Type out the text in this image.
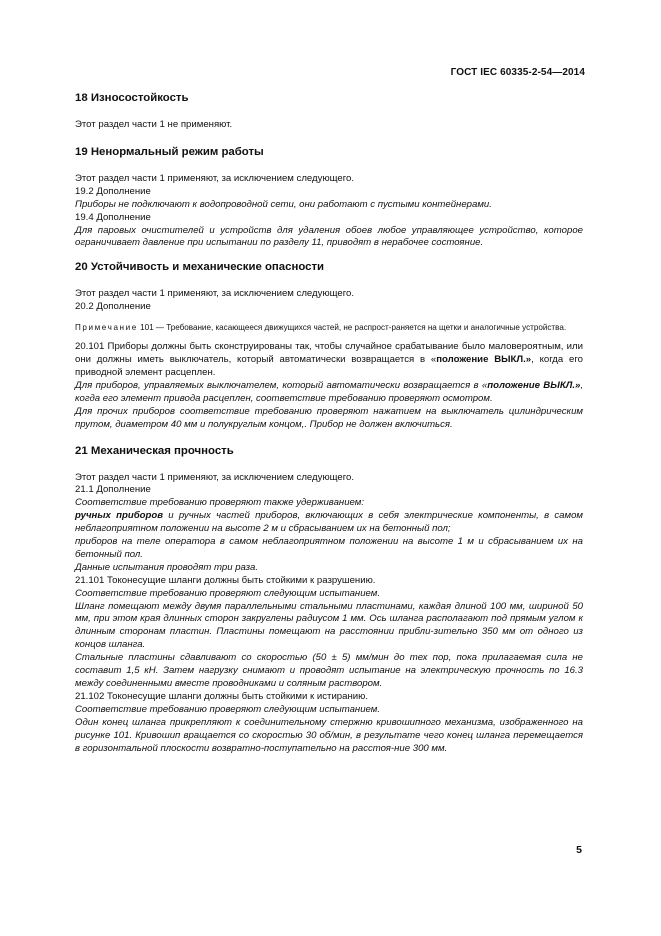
ГОСТ IEC 60335-2-54—2014
18 Износостойкость

Этот раздел части 1 не применяют.

19 Ненормальный режим работы

Этот раздел части 1 применяют, за исключением следующего.

19.2 Дополнение

Приборы не подключают к водопроводной сети, они работают с пустыми контейнерами.

19.4 Дополнение

Для паровых очистителей и устройств для удаления обоев любое управляющее устройство, которое ограничивает давление при испытании по разделу 11, приводят в нерабочее состояние.

20 Устойчивость и механические опасности

Этот раздел части 1 применяют, за исключением следующего.

20.2 Дополнение

Примечание 101 — Требование, касающееся движущихся частей, не распрост-раняется на щетки и аналогичные устройства.

20.101 Приборы должны быть сконструированы так, чтобы случайное срабатывание было маловероятным, или они должны иметь выключатель, который автоматически возвращается в «положение ВЫКЛ.», когда его приводной элемент расцеплен.

Для приборов, управляемых выключателем, который автоматически возвращается в «положение ВЫКЛ.», когда его элемент привода расцеплен, соответствие требованию проверяют осмотром.

Для прочих приборов соответствие требованию проверяют нажатием на выключатель цилиндрическим прутом, диаметром 40 мм и полукруглым концом,. Прибор не должен включиться.

21 Механическая прочность

Этот раздел части 1 применяют, за исключением следующего.

21.1 Дополнение

Соответствие требованию проверяют также удерживанием:

ручных приборов и ручных частей приборов, включающих в себя электрические компоненты, в самом неблагоприятном положении на высоте 2 м и сбрасыванием их на бетонный пол;

приборов на теле оператора в самом неблагоприятном положении на высоте 1 м и сбрасыванием их на бетонный пол.

Данные испытания проводят три раза.

21.101 Токонесущие шланги должны быть стойкими к разрушению.

Соответствие требованию проверяют следующим испытанием.

Шланг помещают между двумя параллельными стальными пластинами, каждая длиной 100 мм, шириной 50 мм, при этом края длинных сторон закруглены радиусом 1 мм. Ось шланга располагают под прямым углом к длинным сторонам пластин. Пластины помещают на расстоянии прибли-зительно 350 мм от одного из концов шланга.

Стальные пластины сдавливают со скоростью (50 ± 5) мм/мин до тех пор, пока прилагаемая сила не составит 1,5 кН. Затем нагрузку снимают и проводят испытание на электрическую прочность по 16.3 между соединенными вместе проводниками и соляным раствором.

21.102 Токонесущие шланги должны быть стойкими к истиранию.

Соответствие требованию проверяют следующим испытанием.

Один конец шланга прикрепляют к соединительному стержню кривошипного механизма, изображенного на рисунке 101. Кривошип вращается со скоростью 30 об/мин, в результате чего конец шланга перемещается в горизонтальной плоскости возвратно-поступательно на расстоя-ние 300 мм.

5
